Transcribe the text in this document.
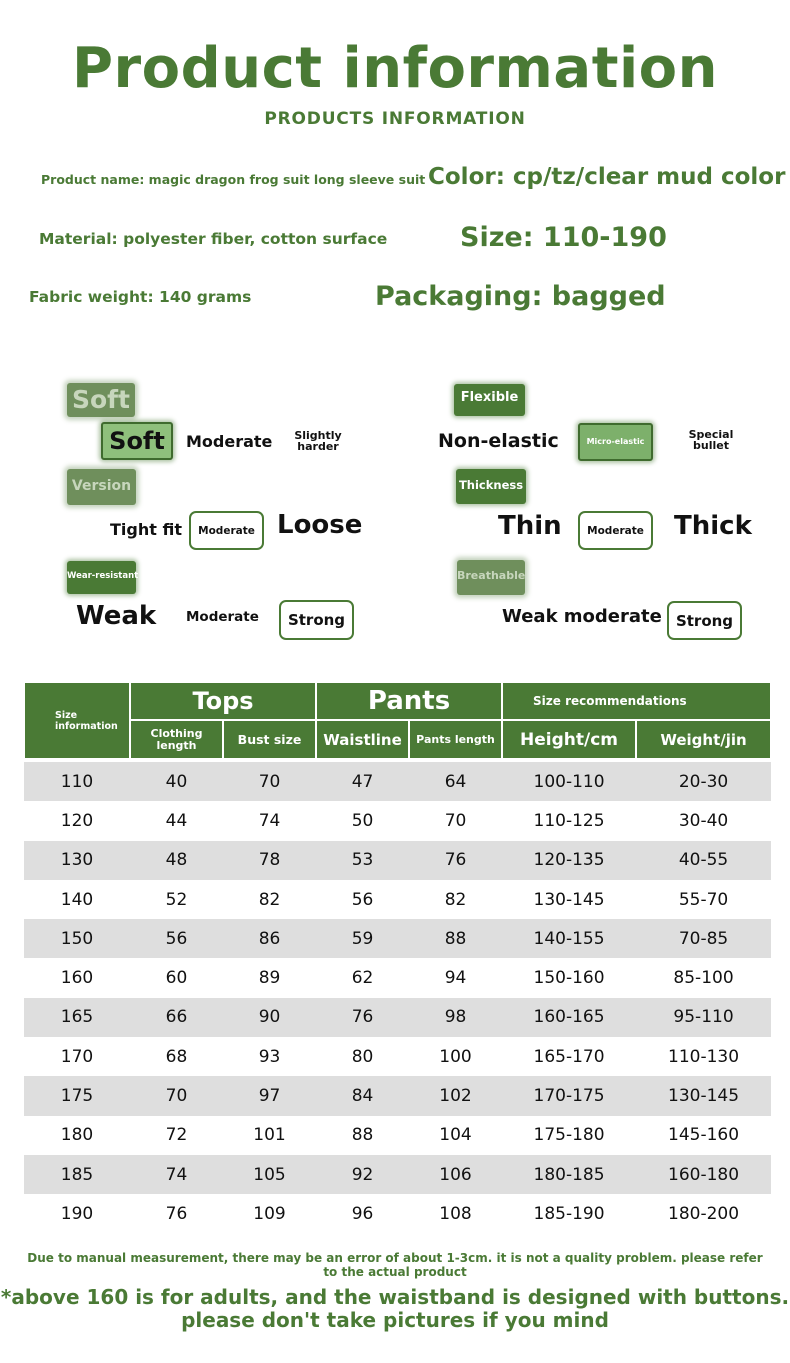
Product information
PRODUCTS INFORMATION
Product name: magic dragon frog suit long sleeve suit Color: cp/tz/clear mud color
Material: polyester fiber, cotton surface	Size: 110-190
Fabric weight: 140 grams	Packaging: bagged
Soft
Soft	Moderate Slightly harder
Flexible
Non-elastic	Micro-elastic
Special bullet
Version
Tight fit	Moderate Loose
Thickness
Thin	Moderate	Thick
Wear-resistant
Weak Moderate	Strong
Breathable
Weak moderate Strong
Size information	Tops		Pants		Size recommendations	
	Clothing length	Bust size	Waistline	Pants length	Height/cm	Weight/jin

110	40	70	47	64	100-110	20-30
120	44	74	50	70	110-125	30-40
130	48	78	53	76	120-135	40-55
140	52	82	56	82	130-145	55-70
150	56	86	59	88	140-155	70-85
160	60	89	62	94	150-160	85-100
165	66	90	76	98	160-165	95-110
170	68	93	80	100	165-170	110-130
175	70	97	84	102	170-175	130-145
180	72	101	88	104	175-180	145-160
185	74	105	92	106	180-185	160-180
190	76	109	96	108	185-190	180-200
Due to manual measurement, there may be an error of about 1-3cm. it is not a quality problem. please refer to the actual product
*above 160 is for adults, and the waistband is designed with buttons.
please don't take pictures if you mind
